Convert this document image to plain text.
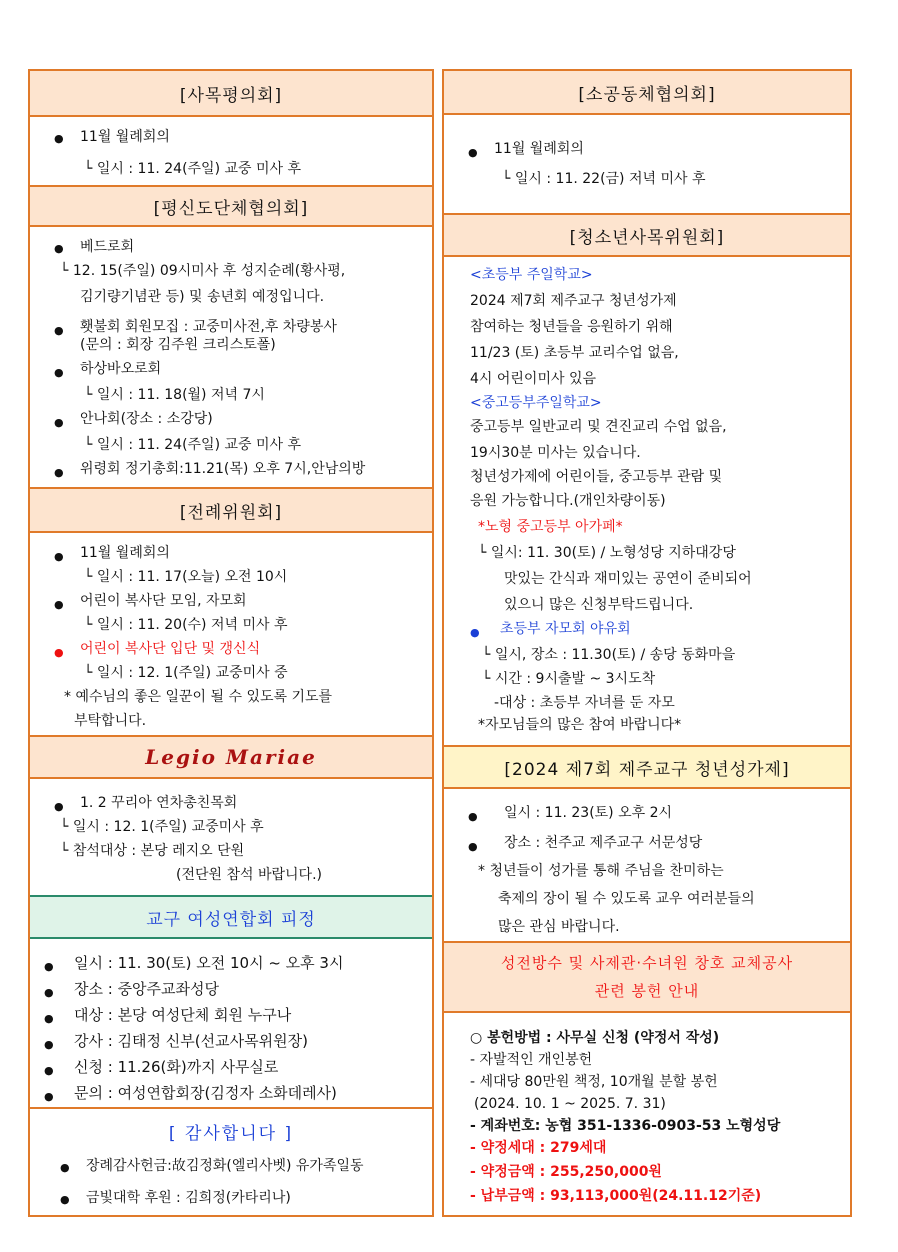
[사목평의회]
● 11월 월례회의
└ 일시 : 11. 24(주일) 교중 미사 후
[평신도단체협의회]
● 베드로회
└ 12. 15(주일) 09시미사 후 성지순례(황사평,
김기량기념관 등) 및 송년회 예정입니다.
● 횃불회 회원모집 : 교중미사전,후 차량봉사
(문의 : 회장 김주원 크리스토폴)
● 하상바오로회
└ 일시 : 11. 18(월) 저녁 7시
● 안나회(장소 : 소강당)
└ 일시 : 11. 24(주일) 교중 미사 후
● 위령회 정기총회:11.21(목) 오후 7시,안남의방
[전례위원회]
● 11월 월례회의
└ 일시 : 11. 17(오늘) 오전 10시
● 어린이 복사단 모임, 자모회
└ 일시 : 11. 20(수) 저녁 미사 후
● 어린이 복사단 입단 및 갱신식
└ 일시 : 12. 1(주일) 교중미사 중
* 예수님의 좋은 일꾼이 될 수 있도록 기도를
부탁합니다.
Legio Mariae
● 1. 2 꾸리아 연차총친목회
└ 일시 : 12. 1(주일) 교중미사 후
└ 참석대상 : 본당 레지오 단원
(전단원 참석 바랍니다.)
교구 여성연합회 피정
● 일시 : 11. 30(토) 오전 10시 ~ 오후 3시
● 장소 : 중앙주교좌성당
● 대상 : 본당 여성단체 회원 누구나
● 강사 : 김태정 신부(선교사목위원장)
● 신청 : 11.26(화)까지 사무실로
● 문의 : 여성연합회장(김정자 소화데레사)
[ 감사합니다 ]
● 장례감사헌금:故김정화(엘리사벳) 유가족일동
● 금빛대학 후원 : 김희정(카타리나)
[소공동체협의회]
● 11월 월례회의
└ 일시 : 11. 22(금) 저녁 미사 후
[청소년사목위원회]
<초등부 주일학교>
2024 제7회 제주교구 청년성가제
참여하는 청년들을 응원하기 위해
11/23 (토) 초등부 교리수업 없음,
4시 어린이미사 있음
<중고등부주일학교>
중고등부 일반교리 및 견진교리 수업 없음,
19시30분 미사는 있습니다.
청년성가제에 어린이들, 중고등부 관람 및
응원 가능합니다.(개인차량이동)
*노형 중고등부 아가페*
└ 일시: 11. 30(토) / 노형성당 지하대강당
맛있는 간식과 재미있는 공연이 준비되어
있으니 많은 신청부탁드립니다.
● 초등부 자모회 야유회
└ 일시, 장소 : 11.30(토) / 송당 동화마을
└ 시간 : 9시출발 ~ 3시도착
-대상 : 초등부 자녀를 둔 자모
*자모님들의 많은 참여 바랍니다*
[2024 제7회 제주교구 청년성가제]
● 일시 : 11. 23(토) 오후 2시
● 장소 : 천주교 제주교구 서문성당
* 청년들이 성가를 통해 주님을 찬미하는
축제의 장이 될 수 있도록 교우 여러분들의
많은 관심 바랍니다.
성전방수 및 사제관·수녀원 창호 교체공사
관련 봉헌 안내
○ 봉헌방법 : 사무실 신청 (약정서 작성)
- 자발적인 개인봉헌
- 세대당 80만원 책정, 10개월 분할 봉헌
(2024. 10. 1 ~ 2025. 7. 31)
- 계좌번호: 농협 351-1336-0903-53 노형성당
- 약정세대 : 279세대
- 약정금액 : 255,250,000원
- 납부금액 : 93,113,000원(24.11.12기준)
